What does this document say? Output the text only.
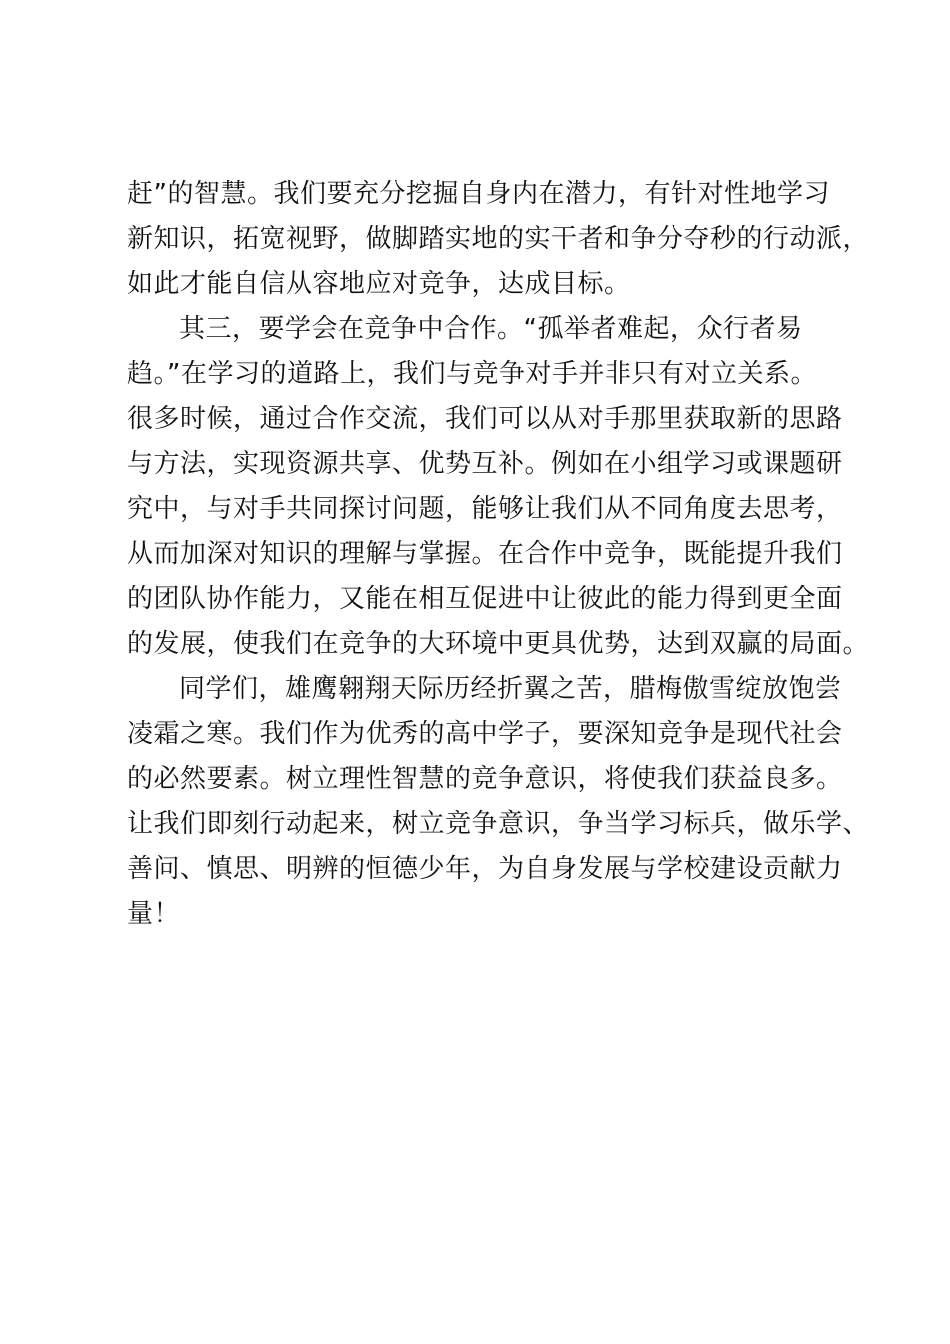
赶”的智慧。我们要充分挖掘自身内在潜力，有针对性地学习
新知识，拓宽视野，做脚踏实地的实干者和争分夺秒的行动派，
如此才能自信从容地应对竞争，达成目标。
其三，要学会在竞争中合作。“孤举者难起，众行者易
趋。”在学习的道路上，我们与竞争对手并非只有对立关系。
很多时候，通过合作交流，我们可以从对手那里获取新的思路
与方法，实现资源共享、优势互补。例如在小组学习或课题研
究中，与对手共同探讨问题，能够让我们从不同角度去思考，
从而加深对知识的理解与掌握。在合作中竞争，既能提升我们
的团队协作能力，又能在相互促进中让彼此的能力得到更全面
的发展，使我们在竞争的大环境中更具优势，达到双赢的局面。
同学们，雄鹰翱翔天际历经折翼之苦，腊梅傲雪绽放饱尝
凌霜之寒。我们作为优秀的高中学子，要深知竞争是现代社会
的必然要素。树立理性智慧的竞争意识，将使我们获益良多。
让我们即刻行动起来，树立竞争意识，争当学习标兵，做乐学、
善问、慎思、明辨的恒德少年，为自身发展与学校建设贡献力
量！
